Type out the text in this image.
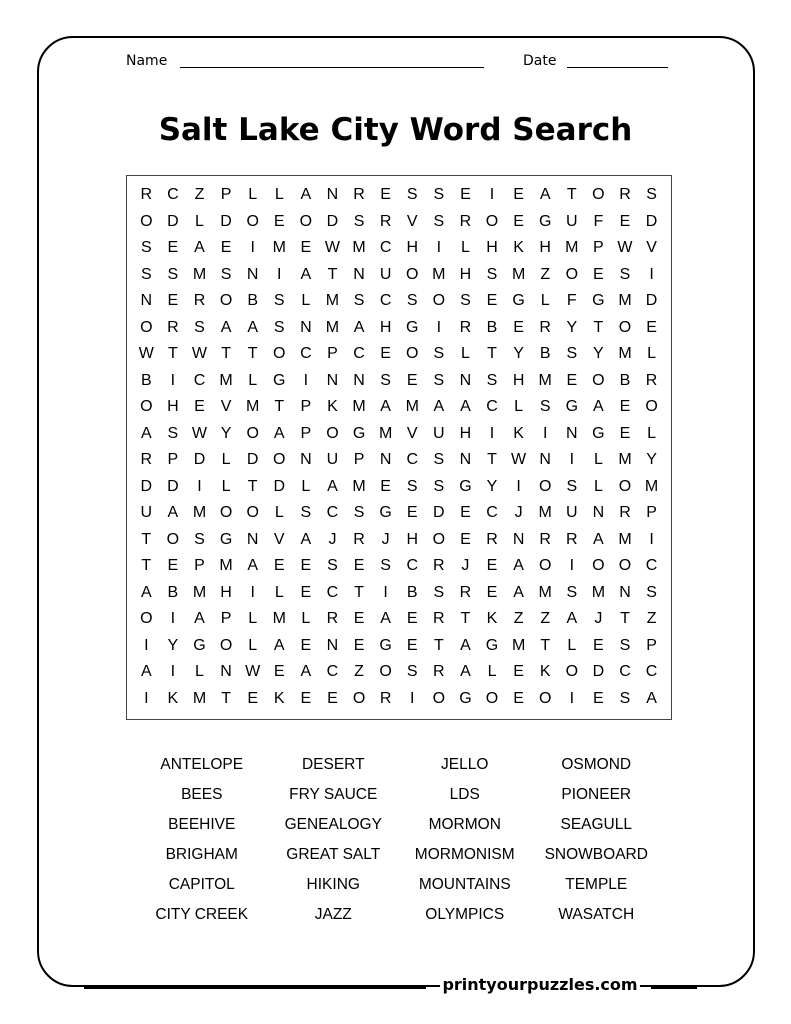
Name	Date
Salt Lake City Word Search
R C Z	P	L	L	A N R E S S E	I	E A	T O R S
O D	L	D O E O D S R V S R O E G U F	E D
S E A E	I	M E W M C H	I	L	H K H M P W V
S S M S N	I	A	T N U O M H S M Z O E S	I
N E R O B S	L M S C S O S E G L	F G M D
O R S A A S N M A H G	I	R B E R Y	T O E
W T W T	T O C P C E O S	L	T	Y B S Y M L
B	I	C M L G	I	N N S E S N S H M E O B R
O H E V M T	P K M A M A A C	L	S G A E O
A S W Y O A P O G M V U H	I	K	I	N G E	L
R P D	L	D O N U P N C S N T W N	I	L M Y
D D	I	L	T D	L	A M E S S G Y	I	O S	L O M
U A M O O L	S C S G E D E C	J M U N R P
T O S G N V A	J	R	J	H O E R N R R A M	I
T	E P M A E E S E S C R	J	E A O	I	O O C
A B M H	I	L	E C T	I	B S R E A M S M N S
O	I	A P	L M L	R E A E R T	K	Z	Z	A	J	T	Z
I	Y G O L	A E N E G E	T	A G M T	L	E S P
A	I	L	N W E A C Z O S R A	L	E K O D C C
I	K M T	E K E E O R	I	O G O E O	I	E S A
ANTELOPE	DESERT	JELLO	OSMOND
BEES	FRY SAUCE	LDS	PIONEER
BEEHIVE	GENEALOGY	MORMON	SEAGULL
BRIGHAM	GREAT SALT	MORMONISM	SNOWBOARD
CAPITOL	HIKING	MOUNTAINS	TEMPLE
CITY CREEK	JAZZ	OLYMPICS	WASATCH
printyourpuzzles.com
